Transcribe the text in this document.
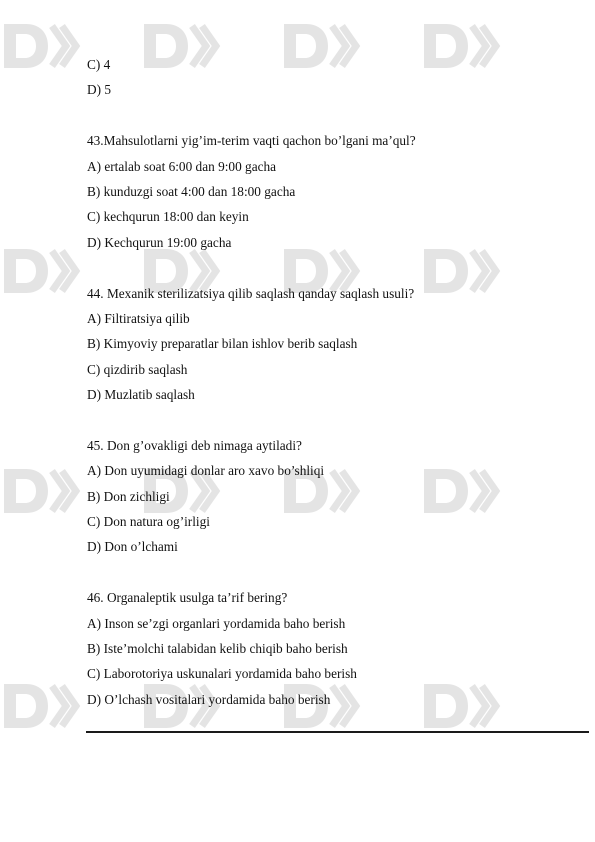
C) 4
D) 5
43.Mahsulotlarni yig’im-terim vaqti qachon bo’lgani ma’qul?
A) ertalab soat 6:00 dan 9:00 gacha
B) kunduzgi soat 4:00 dan 18:00 gacha
C) kechqurun 18:00 dan keyin
D) Kechqurun 19:00 gacha
44. Mexanik sterilizatsiya qilib saqlash qanday saqlash usuli?
A) Filtiratsiya qilib
B) Kimyoviy preparatlar bilan ishlov berib saqlash
C) qizdirib saqlash
D) Muzlatib saqlash
45. Don g’ovakligi deb nimaga aytiladi?
A) Don uyumidagi donlar aro xavo bo’shliqi
B) Don zichligi
C) Don natura og’irligi
D) Don o’lchami
46. Organaleptik usulga ta’rif bering?
A) Inson se’zgi organlari yordamida baho berish
B) Iste’molchi talabidan kelib chiqib baho berish
C) Laborotoriya uskunalari yordamida baho berish
D) O’lchash vositalari yordamida baho berish
